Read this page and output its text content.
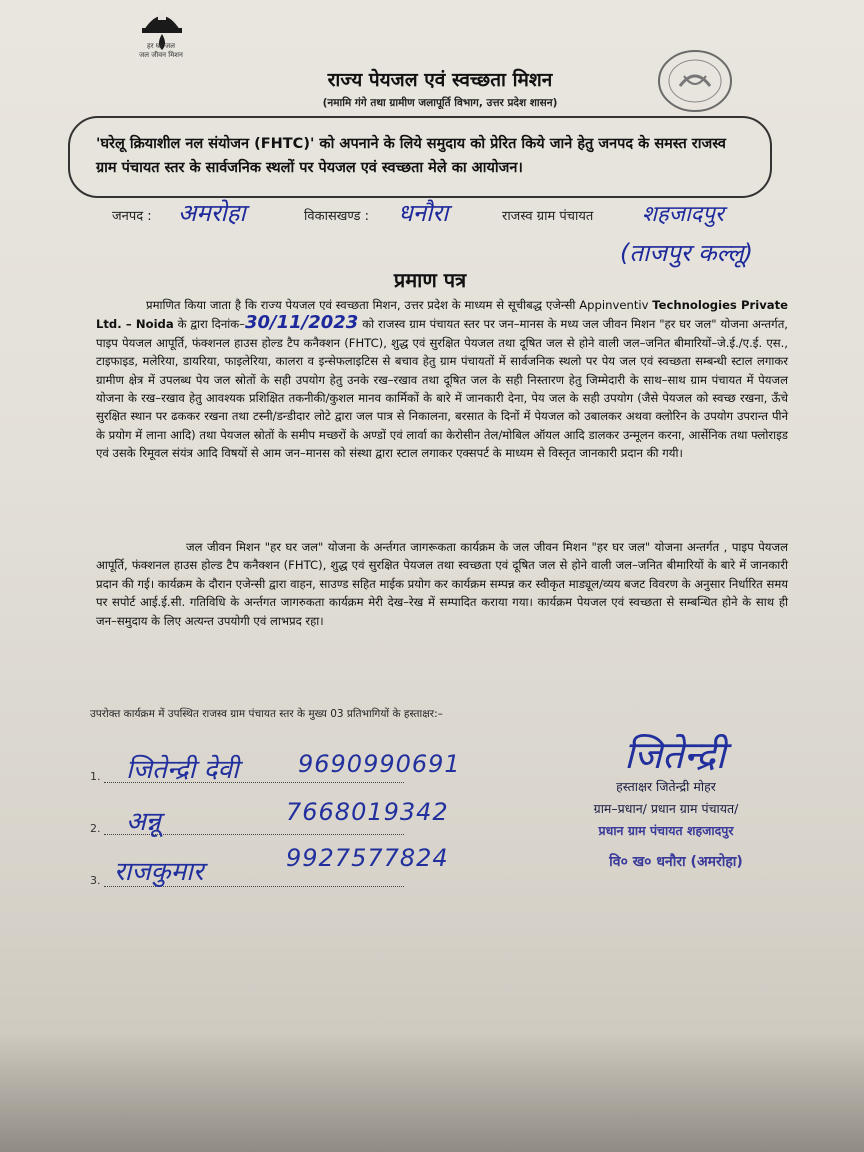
हर घर जल
जल जीवन मिशन
राज्य पेयजल एवं स्वच्छता मिशन
(नमामि गंगे तथा ग्रामीण जलापूर्ति विभाग, उत्तर प्रदेश शासन)

'घरेलू क्रियाशील नल संयोजन (FHTC)' को अपनाने के लिये समुदाय को प्रेरित किये जाने हेतु जनपद के समस्त राजस्व ग्राम पंचायत स्तर के सार्वजनिक स्थलों पर पेयजल एवं स्वच्छता मेले का आयोजन।

जनपद : अमरोहा	विकासखण्ड : धनौरा	राजस्व ग्राम पंचायत शहजादपुर
(ताजपुर कल्लू)
प्रमाण पत्र
प्रमाणित किया जाता है कि राज्य पेयजल एवं स्वच्छता मिशन, उत्तर प्रदेश के माध्यम से सूचीबद्ध एजेन्सी Appinventiv Technologies Private Ltd. – Noida के द्वारा दिनांक–30/11/2023 को राजस्व ग्राम पंचायत स्तर पर जन–मानस के मध्य जल जीवन मिशन "हर घर जल" योजना अन्तर्गत, पाइप पेयजल आपूर्ति, फंक्शनल हाउस होल्ड टैप कनैक्शन (FHTC), शुद्ध एवं सुरक्षित पेयजल तथा दूषित जल से होने वाली जल–जनित बीमारियों–जे.ई./ए.ई. एस., टाइफाइड, मलेरिया, डायरिया, फाइलेरिया, कालरा व इन्सेफलाइटिस से बचाव हेतु ग्राम पंचायतों में सार्वजनिक स्थलो पर पेय जल एवं स्वच्छता सम्बन्धी स्टाल लगाकर ग्रामीण क्षेत्र में उपलब्ध पेय जल स्रोतों के सही उपयोग हेतु उनके रख–रखाव तथा दूषित जल के सही निस्तारण हेतु जिम्मेदारी के साथ–साथ ग्राम पंचायत में पेयजल योजना के रख–रखाव हेतु आवश्यक प्रशिक्षित तकनीकी/कुशल मानव कार्मिकों के बारे में जानकारी देना, पेय जल के सही उपयोग (जैसे पेयजल को स्वच्छ रखना, ऊँचे सुरक्षित स्थान पर ढककर रखना तथा टस्नी/डन्डीदार लोटे द्वारा जल पात्र से निकालना, बरसात के दिनों में पेयजल को उबालकर अथवा क्लोरिन के उपयोग उपरान्त पीने के प्रयोग में लाना आदि) तथा पेयजल स्रोतों के समीप मच्छरों के अण्डों एवं लार्वा का केरोसीन तेल/मोबिल ऑयल आदि डालकर उन्मूलन करना, आर्सेनिक तथा फ्लोराइड एवं उसके रिमूवल संयंत्र आदि विषयों से आम जन–मानस को संस्था द्वारा स्टाल लगाकर एक्सपर्ट के माध्यम से विस्तृत जानकारी प्रदान की गयी।
जल जीवन मिशन "हर घर जल" योजना के अर्न्तगत जागरूकता कार्यक्रम के जल जीवन मिशन "हर घर जल" योजना अन्तर्गत , पाइप पेयजल आपूर्ति, फंक्शनल हाउस होल्ड टैप कनैक्शन (FHTC), शुद्ध एवं सुरक्षित पेयजल तथा स्वच्छता एवं दूषित जल से होने वाली जल–जनित बीमारियों के बारे में जानकारी प्रदान की गई। कार्यक्रम के दौरान एजेन्सी द्वारा वाहन, साउण्ड सहित माईक प्रयोग कर कार्यक्रम सम्पन्न कर स्वीकृत माड्यूल/व्यय बजट विवरण के अनुसार निर्धारित समय पर सपोर्ट आई.ई.सी. गतिविधि के अर्न्तगत जागरुकता कार्यक्रम मेरी देख–रेख में सम्पादित कराया गया। कार्यक्रम पेयजल एवं स्वच्छता से सम्बन्धित होने के साथ ही जन–समुदाय के लिए अत्यन्त उपयोगी एवं लाभप्रद रहा।
उपरोक्त कार्यक्रम में उपस्थित राजस्व ग्राम पंचायत स्तर के मुख्य 03 प्रतिभागियों के हस्ताक्षर:–
1. जितेन्द्री देवी 9690990691
2. अन्नू	7668019342
3. राजकुमार	9927577824
जितेन्द्री
हस्ताक्षर जितेन्द्री मोहर
ग्राम–प्रधान/ प्रधान ग्राम पंचायत/
प्रधान ग्राम पंचायत शहजादपुर
वि० ख० धनौरा (अमरोहा)
